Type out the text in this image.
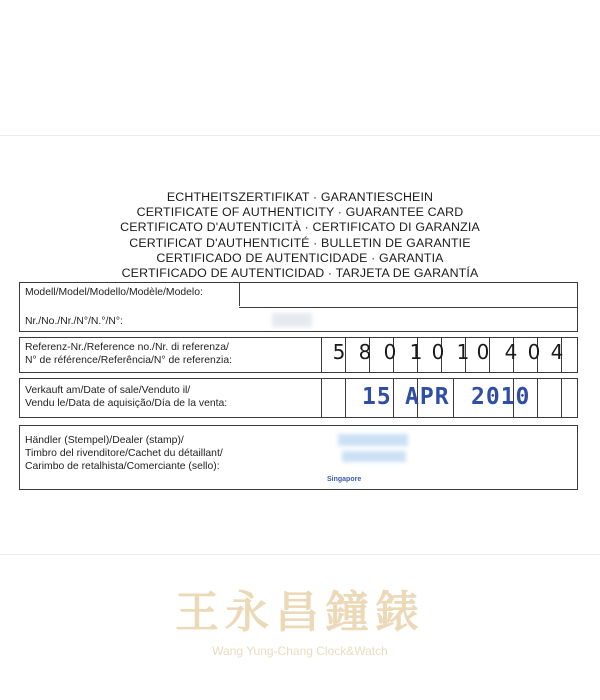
ECHTHEITSZERTIFIKAT · GARANTIESCHEIN
CERTIFICATE OF AUTHENTICITY · GUARANTEE CARD
CERTIFICATO D'AUTENTICITÀ · CERTIFICATO DI GARANZIA
CERTIFICAT D'AUTHENTICITÉ · BULLETIN DE GARANTIE
CERTIFICADO DE AUTENTICIDADE · GARANTIA
CERTIFICADO DE AUTENTICIDAD · TARJETA DE GARANTÍA
Modell/Model/Modello/Modèle/Modelo:
Nr./No./Nr./N°/N.°/N°:
Referenz-Nr./Reference no./Nr. di referenza/
N° de référence/Referência/N° de referenzia:	5 8 0 1 0 1 0 4 0 4
Verkauft am/Date of sale/Venduto il/
Vendu le/Data de aquisição/Día de la venta:	15 APR 2010
Händler (Stempel)/Dealer (stamp)/
Timbro del rivenditore/Cachet du détaillant/
Carimbo de retalhista/Comerciante (sello):
Singapore
王永昌鐘錶
Wang Yung-Chang Clock&Watch
